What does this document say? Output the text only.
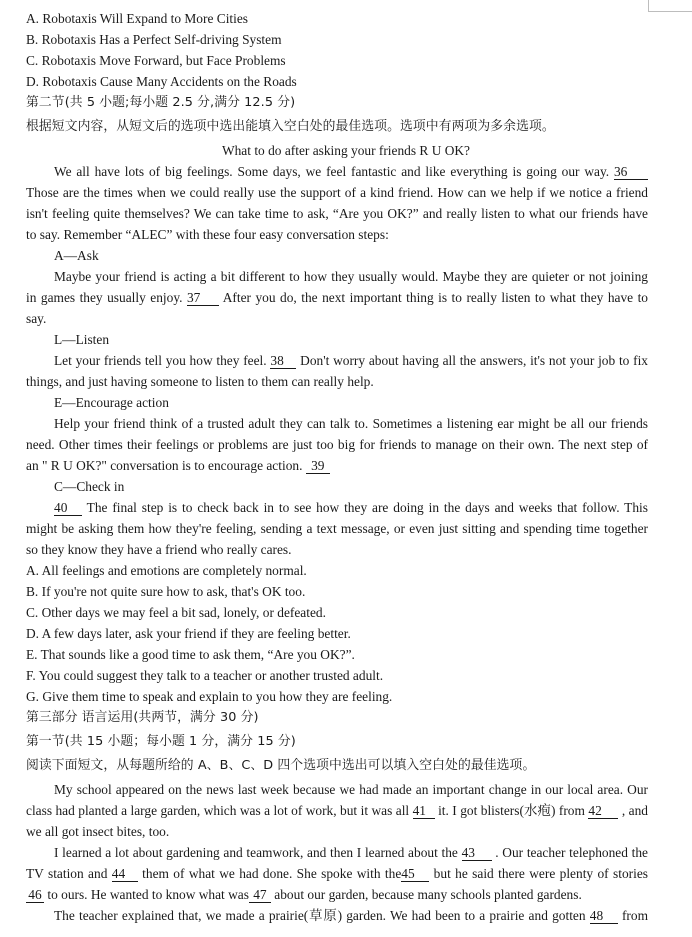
A. Robotaxis Will Expand to More Cities
B. Robotaxis Has a Perfect Self-driving System
C. Robotaxis Move Forward, but Face Problems
D. Robotaxis Cause Many Accidents on the Roads
第二节(共 5 小题;每小题 2.5 分,满分 12.5 分)
根据短文内容，从短文后的选项中选出能填入空白处的最佳选项。选项中有两项为多余选项。
What to do after asking your friends R U OK?
We all have lots of big feelings. Some days, we feel fantastic and like everything is going our way. 36
Those are the times when we could really use the support of a kind friend. How can we help if we notice a friend
isn't feeling quite themselves? We can take time to ask, “Are you OK?” and really listen to what our friends have
to say. Remember “ALEC” with these four easy conversation steps:
A—Ask
Maybe your friend is acting a bit different to how they usually would. Maybe they are quieter or not joining
in games they usually enjoy. 37 After you do, the next important thing is to really listen to what they have to
say.
L—Listen
Let your friends tell you how they feel. 38 Don't worry about having all the answers, it's not your job to fix
things, and just having someone to listen to them can really help.
E—Encourage action
Help your friend think of a trusted adult they can talk to. Sometimes a listening ear might be all our friends
need. Other times their feelings or problems are just too big for friends to manage on their own. The next step of
an " R U OK?" conversation is to encourage action. 39
C—Check in
40 The final step is to check back in to see how they are doing in the days and weeks that follow. This
might be asking them how they're feeling, sending a text message, or even just sitting and spending time together
so they know they have a friend who really cares.
A. All feelings and emotions are completely normal.
B. If you're not quite sure how to ask, that's OK too.
C. Other days we may feel a bit sad, lonely, or defeated.
D. A few days later, ask your friend if they are feeling better.
E. That sounds like a good time to ask them, “Are you OK?”.
F. You could suggest they talk to a teacher or another trusted adult.
G. Give them time to speak and explain to you how they are feeling.
第三部分 语言运用(共两节，满分 30 分)
第一节(共 15 小题；每小题 1 分，满分 15 分)
阅读下面短文，从每题所给的 A、B、C、D 四个选项中选出可以填入空白处的最佳选项。
My school appeared on the news last week because we had made an important change in our local area. Our
class had planted a large garden, which was a lot of work, but it was all 41 it. I got blisters(水疱) from 42 , and
we all got insect bites, too.
I learned a lot about gardening and teamwork, and then I learned about the 43 . Our teacher telephoned the
TV station and 44 them of what we had done. She spoke with the45 but he said there were plenty of stories
46 to ours. He wanted to know what was 47 about our garden, because many schools planted gardens.
The teacher explained that, we made a prairie(草原) garden. We had been to a prairie and gotten 48 from
